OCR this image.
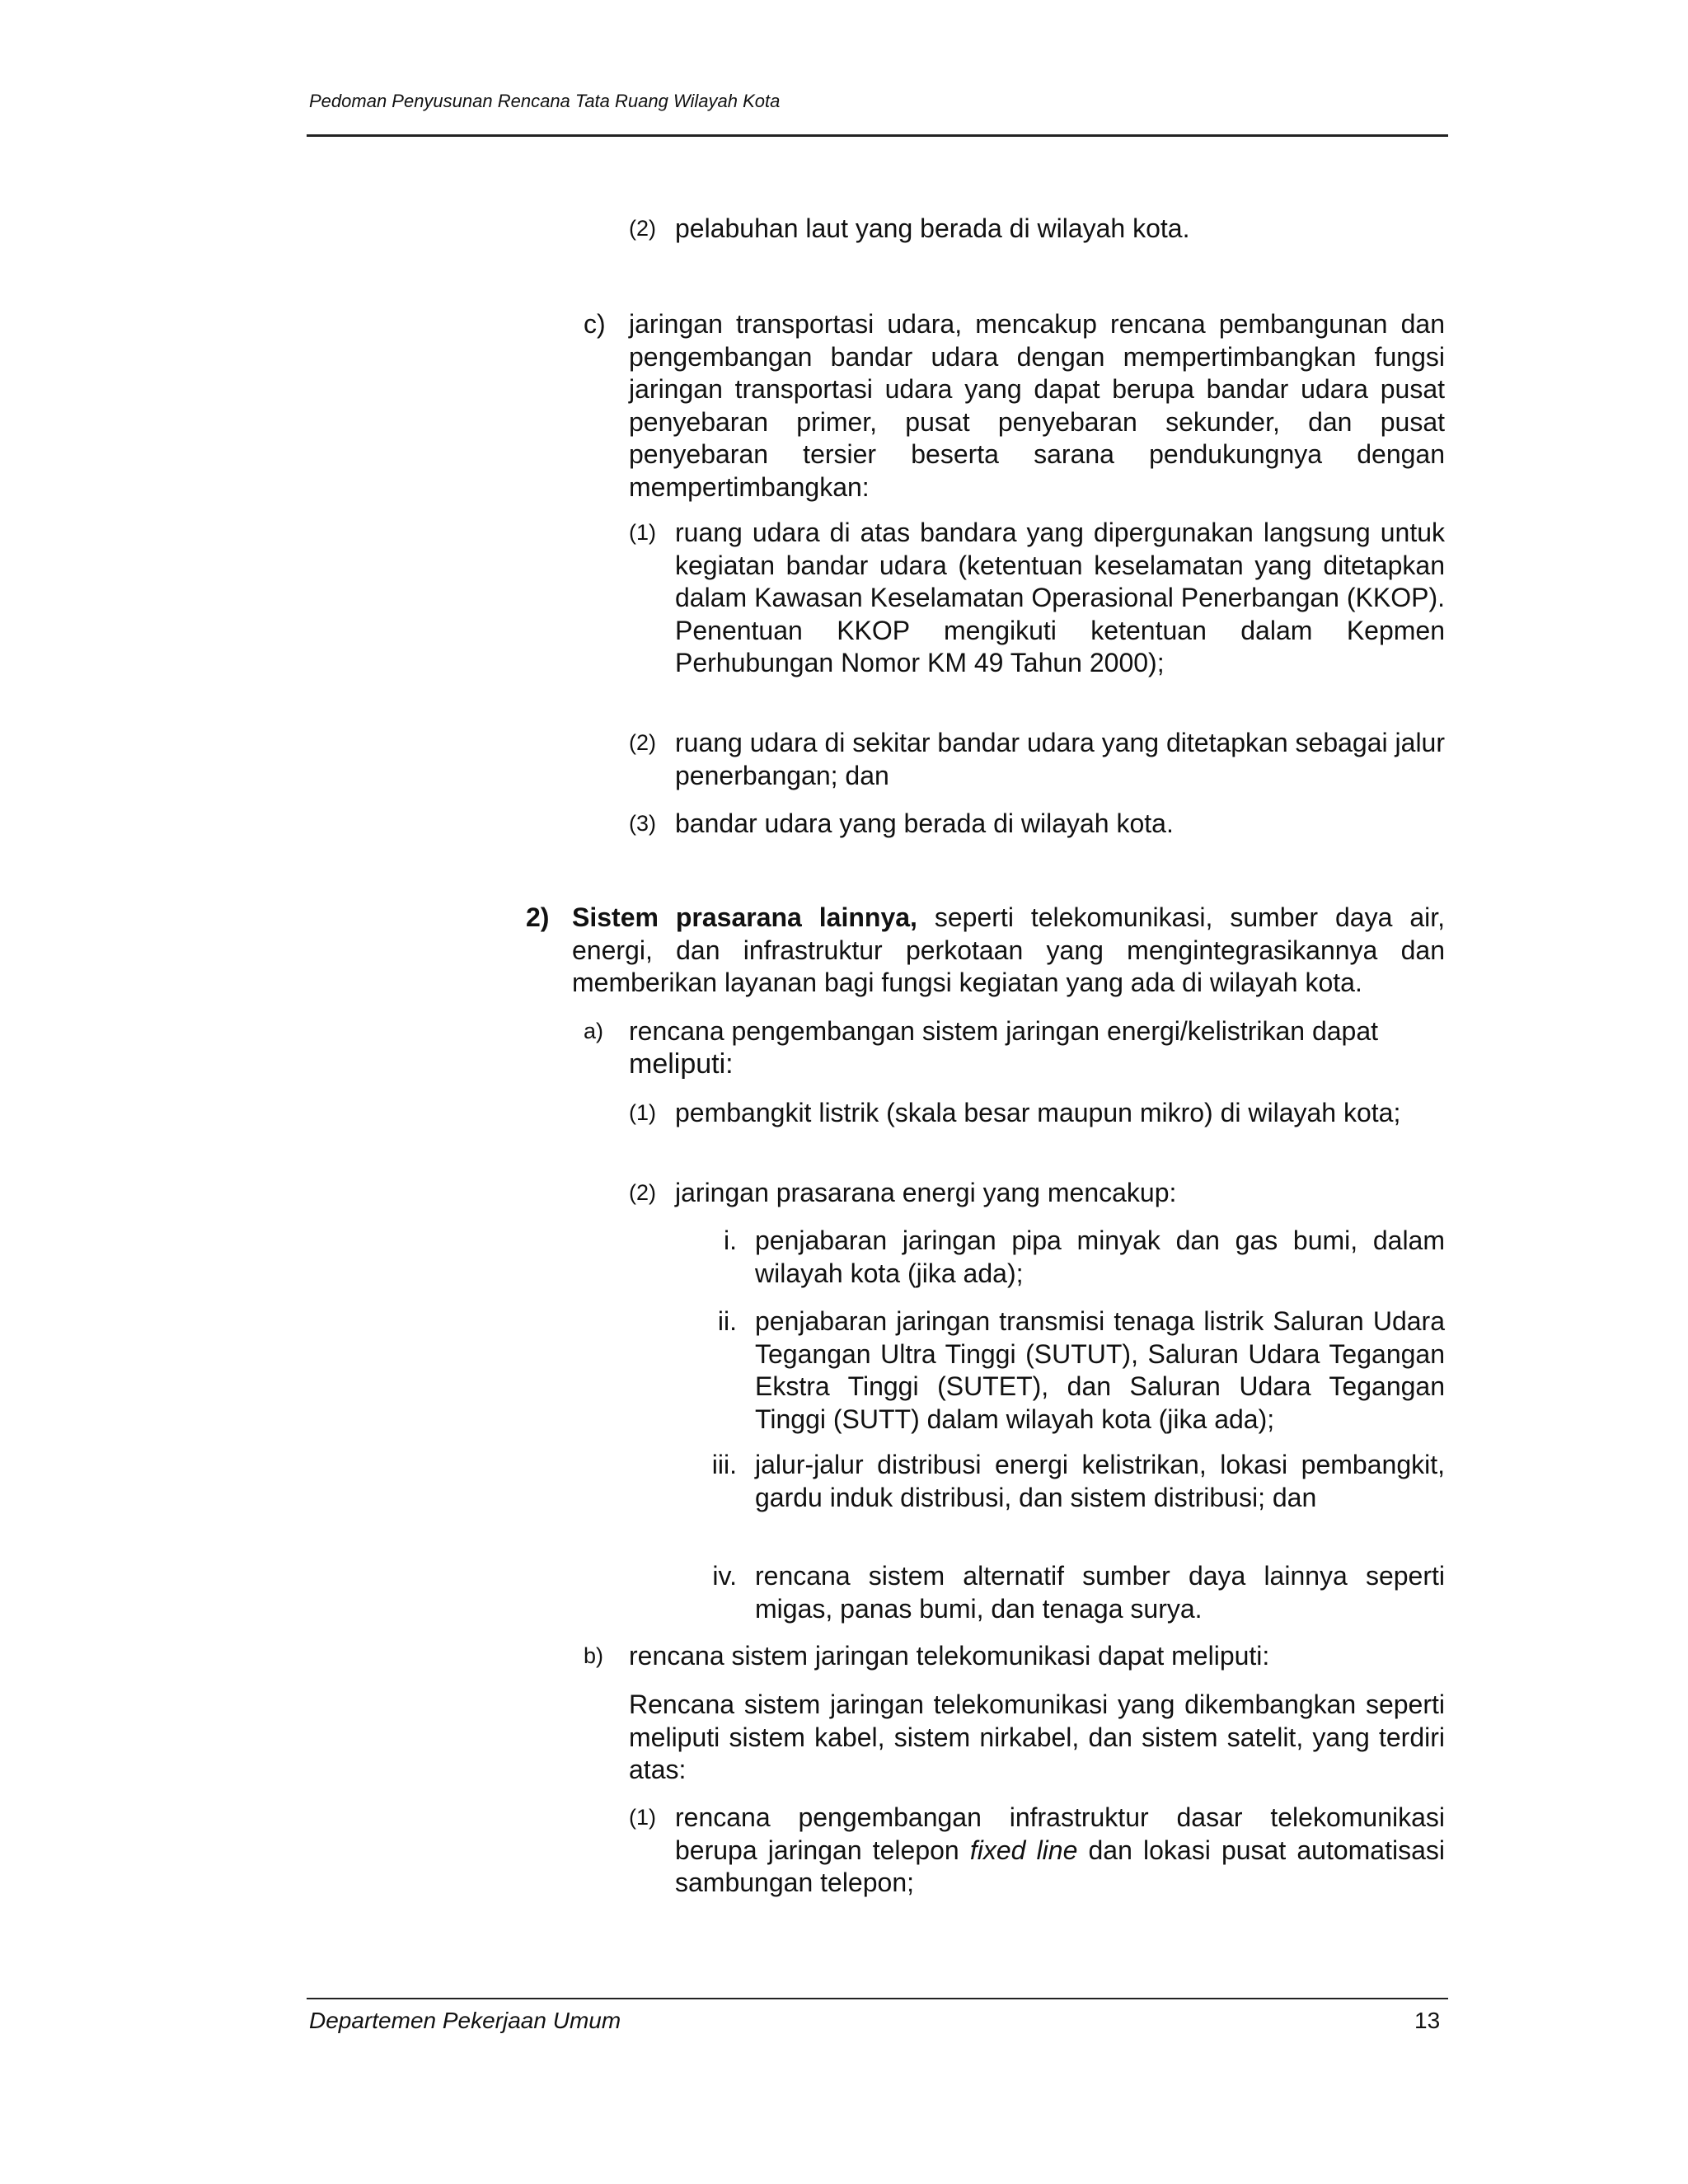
Pedoman Penyusunan Rencana Tata Ruang Wilayah Kota
(2) pelabuhan laut yang berada di wilayah kota.
c) jaringan transportasi udara, mencakup rencana pembangunan dan pengembangan bandar udara dengan mempertimbangkan fungsi jaringan transportasi udara yang dapat berupa bandar udara pusat penyebaran primer, pusat penyebaran sekunder, dan pusat penyebaran tersier beserta sarana pendukungnya dengan mempertimbangkan:
(1) ruang udara di atas bandara yang dipergunakan langsung untuk kegiatan bandar udara (ketentuan keselamatan yang ditetapkan dalam Kawasan Keselamatan Operasional Penerbangan (KKOP). Penentuan KKOP mengikuti ketentuan dalam Kepmen Perhubungan Nomor KM 49 Tahun 2000);
(2) ruang udara di sekitar bandar udara yang ditetapkan sebagai jalur penerbangan; dan
(3) bandar udara yang berada di wilayah kota.
2) Sistem prasarana lainnya, seperti telekomunikasi, sumber daya air, energi, dan infrastruktur perkotaan yang mengintegrasikannya dan memberikan layanan bagi fungsi kegiatan yang ada di wilayah kota.
a) rencana pengembangan sistem jaringan energi/kelistrikan dapat
meliputi:
(1) pembangkit listrik (skala besar maupun mikro) di wilayah kota;
(2) jaringan prasarana energi yang mencakup:
i. penjabaran jaringan pipa minyak dan gas bumi, dalam wilayah kota (jika ada);
ii. penjabaran jaringan transmisi tenaga listrik Saluran Udara Tegangan Ultra Tinggi (SUTUT), Saluran Udara Tegangan Ekstra Tinggi (SUTET), dan Saluran Udara Tegangan Tinggi (SUTT) dalam wilayah kota (jika ada);
iii. jalur-jalur distribusi energi kelistrikan, lokasi pembangkit, gardu induk distribusi, dan sistem distribusi; dan
iv. rencana sistem alternatif sumber daya lainnya seperti migas, panas bumi, dan tenaga surya.
b) rencana sistem jaringan telekomunikasi dapat meliputi:
Rencana sistem jaringan telekomunikasi yang dikembangkan seperti meliputi sistem kabel, sistem nirkabel, dan sistem satelit, yang terdiri atas:
(1) rencana pengembangan infrastruktur dasar telekomunikasi berupa jaringan telepon fixed line dan lokasi pusat automatisasi sambungan telepon;
Departemen Pekerjaan Umum	13
